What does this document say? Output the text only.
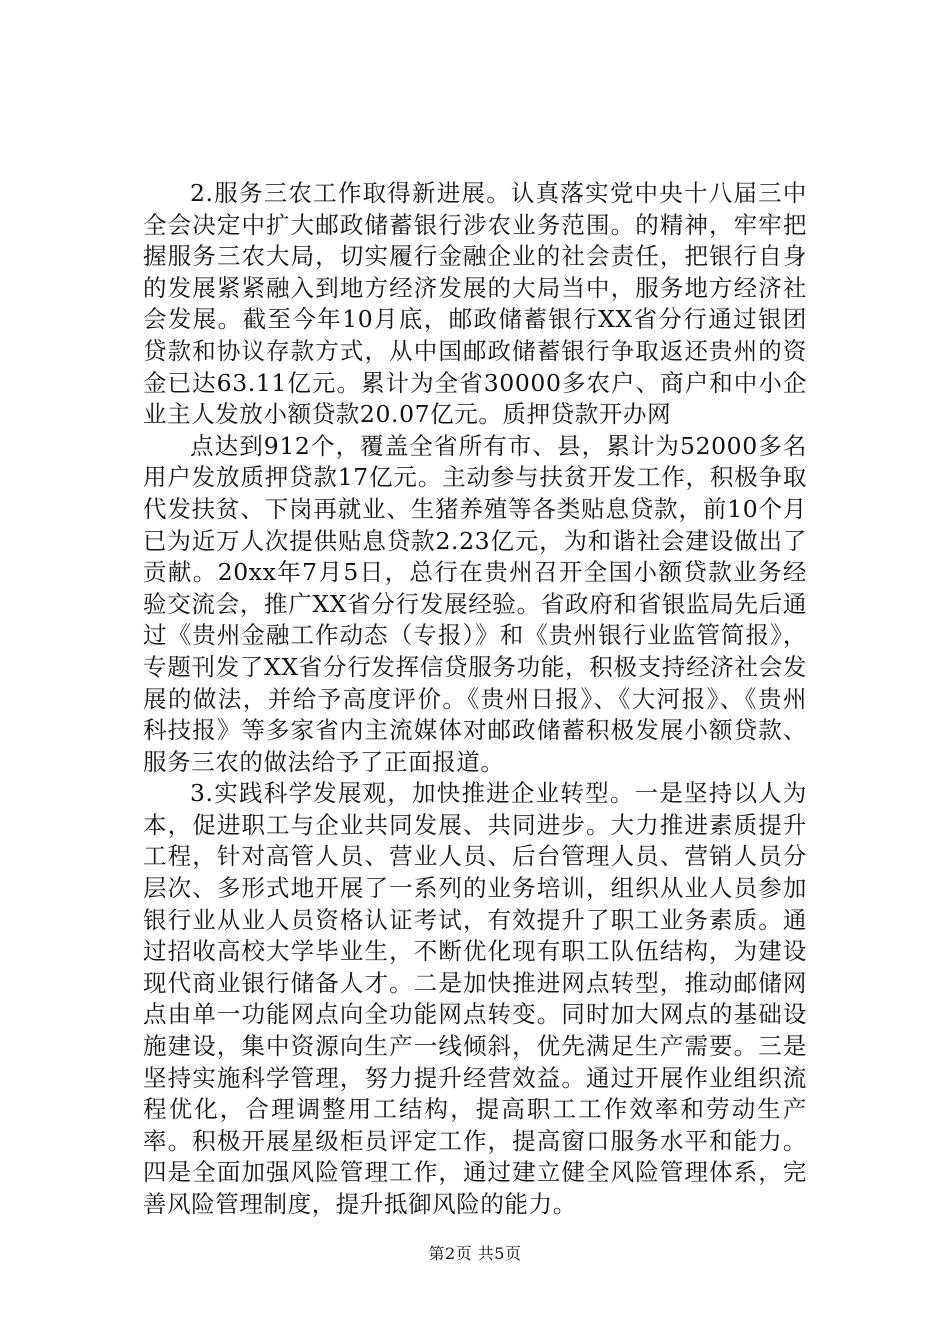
2.服务三农工作取得新进展。认真落实党中央十八届三中全会决定中扩大邮政储蓄银行涉农业务范围。的精神，牢牢把握服务三农大局，切实履行金融企业的社会责任，把银行自身的发展紧紧融入到地方经济发展的大局当中，服务地方经济社会发展。截至今年10月底，邮政储蓄银行XX省分行通过银团贷款和协议存款方式，从中国邮政储蓄银行争取返还贵州的资金已达63.11亿元。累计为全省30000多农户、商户和中小企业主人发放小额贷款20.07亿元。质押贷款开办网

点达到912个，覆盖全省所有市、县，累计为52000多名用户发放质押贷款17亿元。主动参与扶贫开发工作，积极争取代发扶贫、下岗再就业、生猪养殖等各类贴息贷款，前10个月已为近万人次提供贴息贷款2.23亿元，为和谐社会建设做出了贡献。20xx年7月5日，总行在贵州召开全国小额贷款业务经验交流会，推广XX省分行发展经验。省政府和省银监局先后通过《贵州金融工作动态（专报）》和《贵州银行业监管简报》，专题刊发了XX省分行发挥信贷服务功能，积极支持经济社会发展的做法，并给予高度评价。《贵州日报》、《大河报》、《贵州科技报》等多家省内主流媒体对邮政储蓄积极发展小额贷款、服务三农的做法给予了正面报道。

3.实践科学发展观，加快推进企业转型。一是坚持以人为本，促进职工与企业共同发展、共同进步。大力推进素质提升工程，针对高管人员、营业人员、后台管理人员、营销人员分层次、多形式地开展了一系列的业务培训，组织从业人员参加银行业从业人员资格认证考试，有效提升了职工业务素质。通过招收高校大学毕业生，不断优化现有职工队伍结构，为建设现代商业银行储备人才。二是加快推进网点转型，推动邮储网点由单一功能网点向全功能网点转变。同时加大网点的基础设施建设，集中资源向生产一线倾斜，优先满足生产需要。三是坚持实施科学管理，努力提升经营效益。通过开展作业组织流程优化，合理调整用工结构，提高职工工作效率和劳动生产率。积极开展星级柜员评定工作，提高窗口服务水平和能力。四是全面加强风险管理工作，通过建立健全风险管理体系，完善风险管理制度，提升抵御风险的能力。

第2页 共5页
